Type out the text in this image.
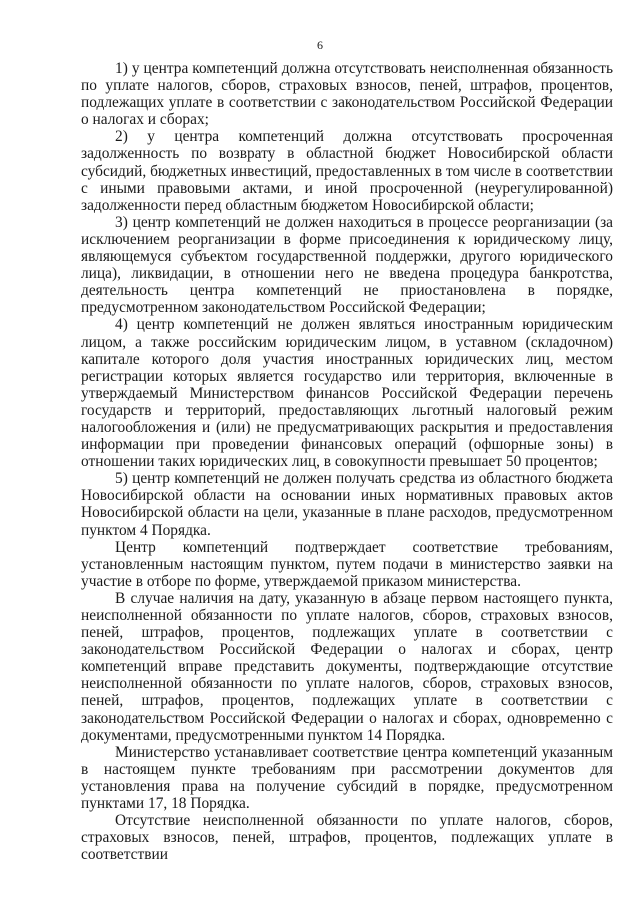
6

1) у центра компетенций должна отсутствовать неисполненная обязанность по уплате налогов, сборов, страховых взносов, пеней, штрафов, процентов, подлежащих уплате в соответствии с законодательством Российской Федерации о налогах и сборах;

2) у центра компетенций должна отсутствовать просроченная задолженность по возврату в областной бюджет Новосибирской области субсидий, бюджетных инвестиций, предоставленных в том числе в соответствии с иными правовыми актами, и иной просроченной (неурегулированной) задолженности перед областным бюджетом Новосибирской области;

3) центр компетенций не должен находиться в процессе реорганизации (за исключением реорганизации в форме присоединения к юридическому лицу, являющемуся субъектом государственной поддержки, другого юридического лица), ликвидации, в отношении него не введена процедура банкротства, деятельность центра компетенций не приостановлена в порядке, предусмотренном законодательством Российской Федерации;

4) центр компетенций не должен являться иностранным юридическим лицом, а также российским юридическим лицом, в уставном (складочном) капитале которого доля участия иностранных юридических лиц, местом регистрации которых является государство или территория, включенные в утверждаемый Министерством финансов Российской Федерации перечень государств и территорий, предоставляющих льготный налоговый режим налогообложения и (или) не предусматривающих раскрытия и предоставления информации при проведении финансовых операций (офшорные зоны) в отношении таких юридических лиц, в совокупности превышает 50 процентов;

5) центр компетенций не должен получать средства из областного бюджета Новосибирской области на основании иных нормативных правовых актов Новосибирской области на цели, указанные в плане расходов, предусмотренном пунктом 4 Порядка.

Центр компетенций подтверждает соответствие требованиям, установленным настоящим пунктом, путем подачи в министерство заявки на участие в отборе по форме, утверждаемой приказом министерства.

В случае наличия на дату, указанную в абзаце первом настоящего пункта, неисполненной обязанности по уплате налогов, сборов, страховых взносов, пеней, штрафов, процентов, подлежащих уплате в соответствии с законодательством Российской Федерации о налогах и сборах, центр компетенций вправе представить документы, подтверждающие отсутствие неисполненной обязанности по уплате налогов, сборов, страховых взносов, пеней, штрафов, процентов, подлежащих уплате в соответствии с законодательством Российской Федерации о налогах и сборах, одновременно с документами, предусмотренными пунктом 14 Порядка.

Министерство устанавливает соответствие центра компетенций указанным в настоящем пункте требованиям при рассмотрении документов для установления права на получение субсидий в порядке, предусмотренном пунктами 17, 18 Порядка.

Отсутствие неисполненной обязанности по уплате налогов, сборов, страховых взносов, пеней, штрафов, процентов, подлежащих уплате в соответствии
